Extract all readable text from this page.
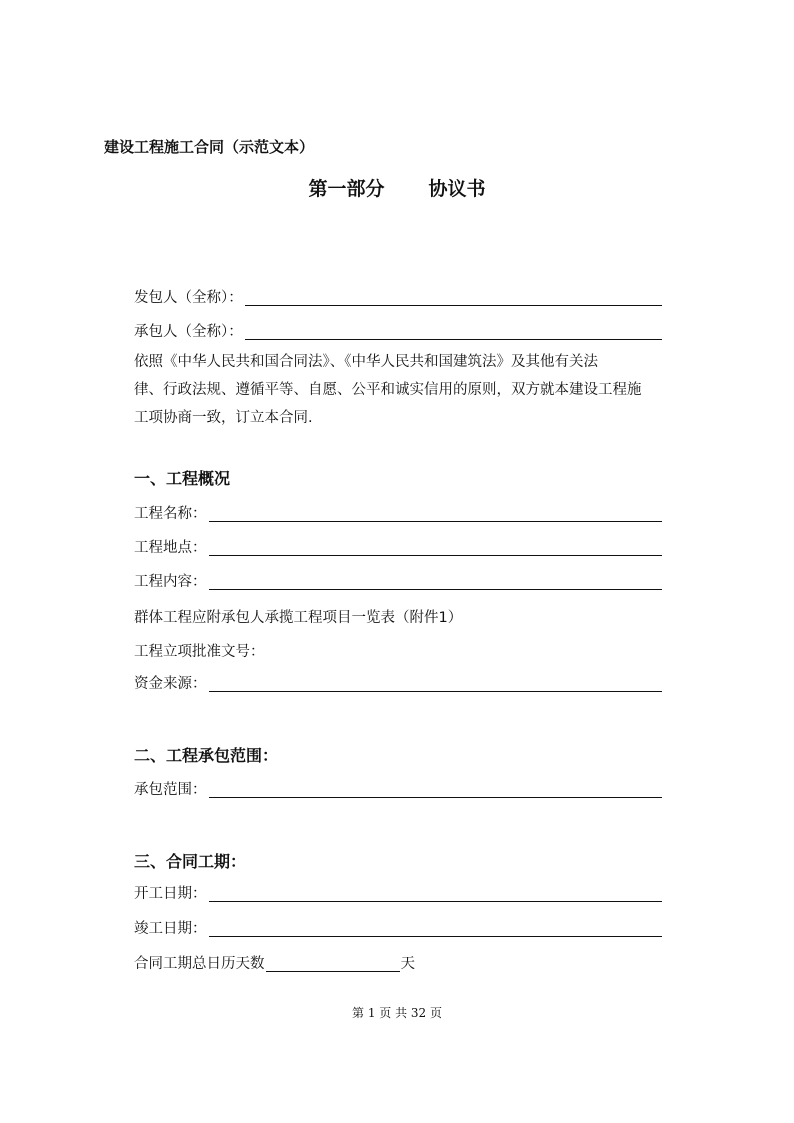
建设工程施工合同（示范文本）
第一部分 协议书
发包人（全称）：
承包人（全称）：
依照《中华人民共和国合同法》、《中华人民共和国建筑法》及其他有关法
律、行政法规、遵循平等、自愿、公平和诚实信用的原则，双方就本建设工程施
工项协商一致，订立本合同.
一、工程概况
工程名称：
工程地点：
工程内容：
群体工程应附承包人承揽工程项目一览表（附件1）
工程立项批准文号：
资金来源：
二、工程承包范围：
承包范围：
三、合同工期：
开工日期：
竣工日期：
合同工期总日历天数	天
第 1 页 共 32 页
